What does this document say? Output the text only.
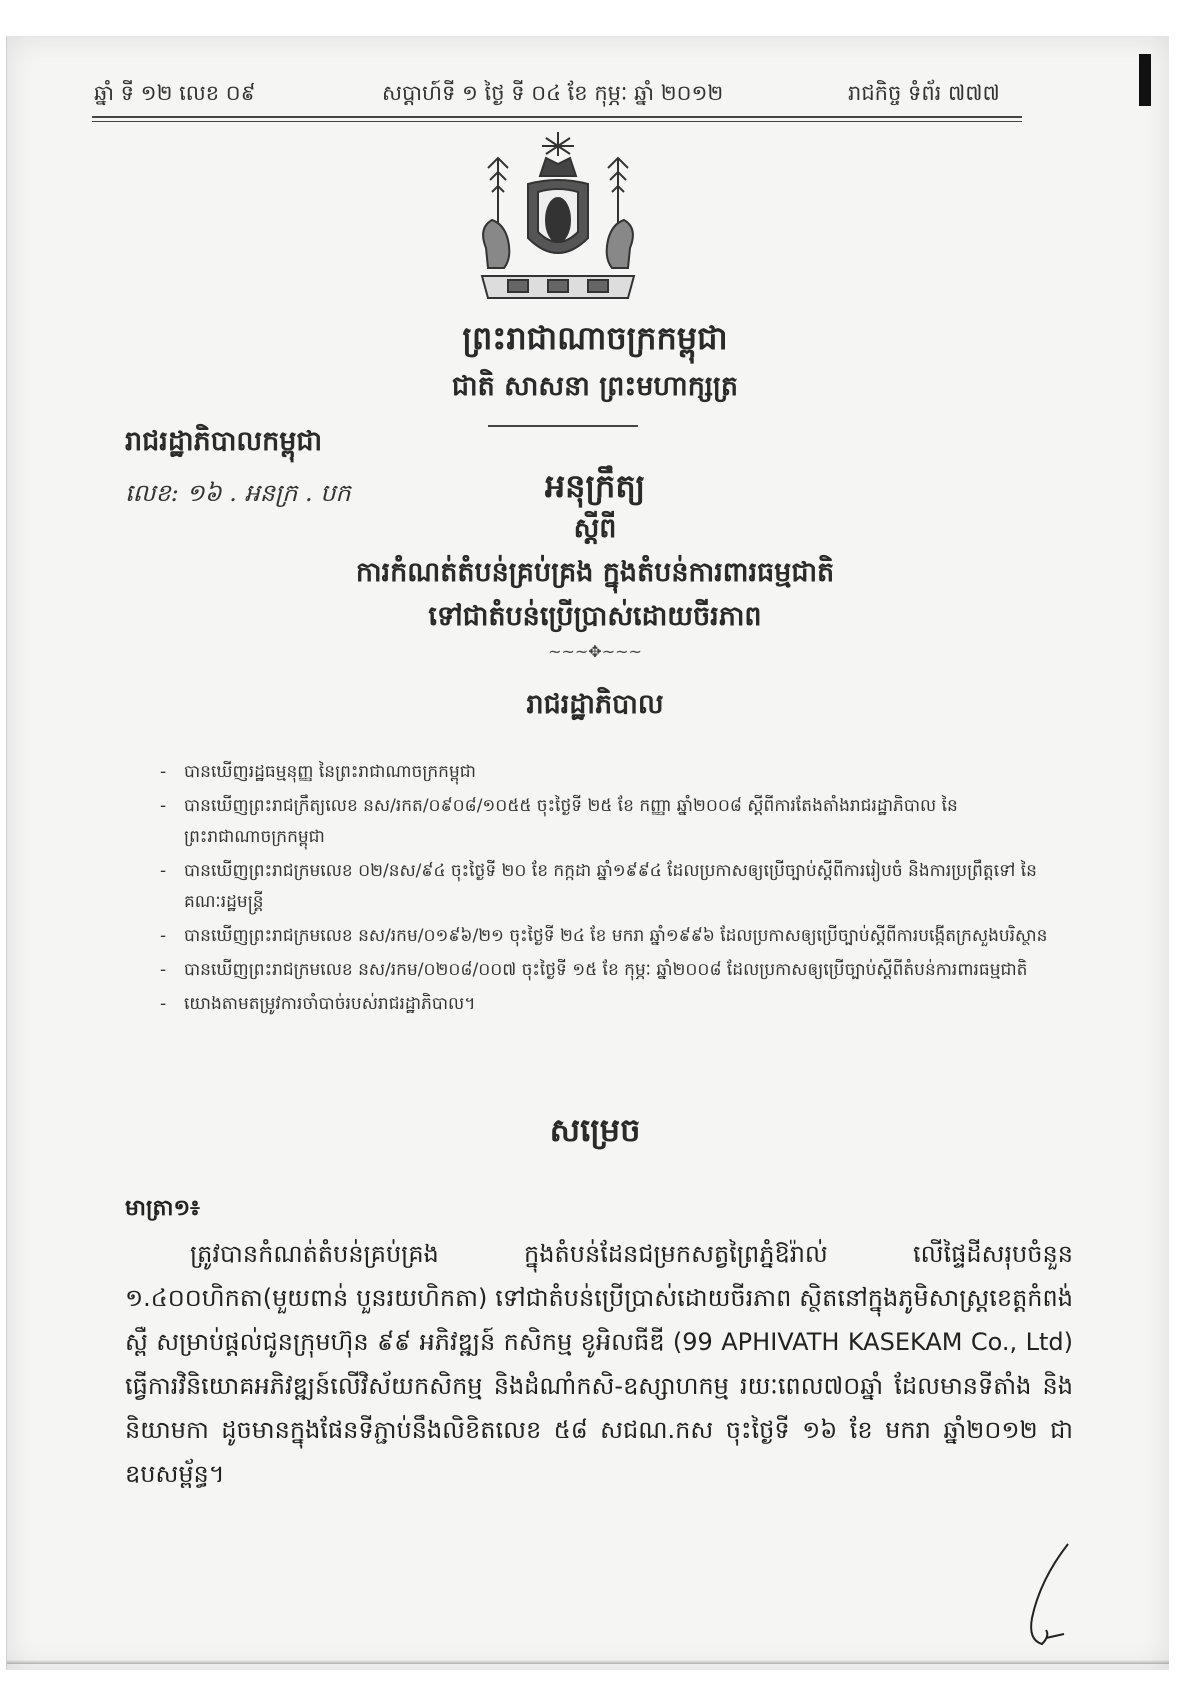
ឆ្នាំ ទី ១២ លេខ ០៩	សប្តាហ៍ទី ១ ថ្ងៃ ទី ០៤ ខែ កុម្ភៈ ឆ្នាំ ២០១២	រាជកិច្ច ទំព័រ ៧៧៧
ព្រះរាជាណាចក្រកម្ពុជា
ជាតិ សាសនា ព្រះមហាក្សត្រ
រាជរដ្ឋាភិបាលកម្ពុជា
លេខ: ១៦ . អនក្រ . បក	អនុក្រឹត្យ
ស្តីពី
ការកំណត់តំបន់គ្រប់គ្រង ក្នុងតំបន់ការពារធម្មជាតិ
ទៅជាតំបន់ប្រើប្រាស់ដោយចីរភាព
~~~✥~~~
រាជរដ្ឋាភិបាល
- បានឃើញរដ្ឋធម្មនុញ្ញ នៃព្រះរាជាណាចក្រកម្ពុជា
- បានឃើញព្រះរាជក្រឹត្យលេខ នស/រកត/០៩០៨/១០៥៥ ចុះថ្ងៃទី ២៥ ខែ កញ្ញា ឆ្នាំ២០០៨ ស្តីពីការតែងតាំងរាជរដ្ឋាភិបាល នៃព្រះរាជាណាចក្រកម្ពុជា
- បានឃើញព្រះរាជក្រមលេខ ០២/នស/៩៤ ចុះថ្ងៃទី ២០ ខែ កក្កដា ឆ្នាំ១៩៩៤ ដែលប្រកាសឲ្យប្រើច្បាប់ស្តីពីការរៀបចំ និងការប្រព្រឹត្តទៅ នៃគណៈរដ្ឋមន្ត្រី
- បានឃើញព្រះរាជក្រមលេខ នស/រកម/០១៩៦/២១ ចុះថ្ងៃទី ២៤ ខែ មករា ឆ្នាំ១៩៩៦ ដែលប្រកាសឲ្យប្រើច្បាប់ស្តីពីការបង្កើតក្រសួងបរិស្ថាន
- បានឃើញព្រះរាជក្រមលេខ នស/រកម/០២០៨/០០៧ ចុះថ្ងៃទី ១៥ ខែ កុម្ភៈ ឆ្នាំ២០០៨ ដែលប្រកាសឲ្យប្រើច្បាប់ស្តីពីតំបន់ការពារធម្មជាតិ
- យោងតាមតម្រូវការចាំបាច់របស់រាជរដ្ឋាភិបាល។
សម្រេច
មាត្រា១៖
ត្រូវបានកំណត់តំបន់គ្រប់គ្រង ក្នុងតំបន់ដែនជម្រកសត្វព្រៃភ្នំឱរ៉ាល់ លើផ្ទៃដីសរុបចំនួន ១.៤០០ហិកតា(មួយពាន់ បួនរយហិកតា) ទៅជាតំបន់ប្រើប្រាស់ដោយចីរភាព ស្ថិតនៅក្នុងភូមិសាស្ត្រខេត្តកំពង់ស្ពឺ សម្រាប់ផ្តល់ជូនក្រុមហ៊ុន ៩៩ អភិវឌ្ឍន៍ កសិកម្ម ខូអិលធីឌី (99 APHIVATH KASEKAM Co., Ltd) ធ្វើការវិនិយោគអភិវឌ្ឍន៍លើវិស័យកសិកម្ម និងដំណាំកសិ-ឧស្សាហកម្ម រយៈពេល៧០ឆ្នាំ ដែលមានទីតាំង និងនិយាមកា ដូចមានក្នុងផែនទីភ្ជាប់នឹងលិខិតលេខ ៥៨ សជណ.កស ចុះថ្ងៃទី ១៦ ខែ មករា ឆ្នាំ២០១២ ជាឧបសម្ព័ន្ធ។
